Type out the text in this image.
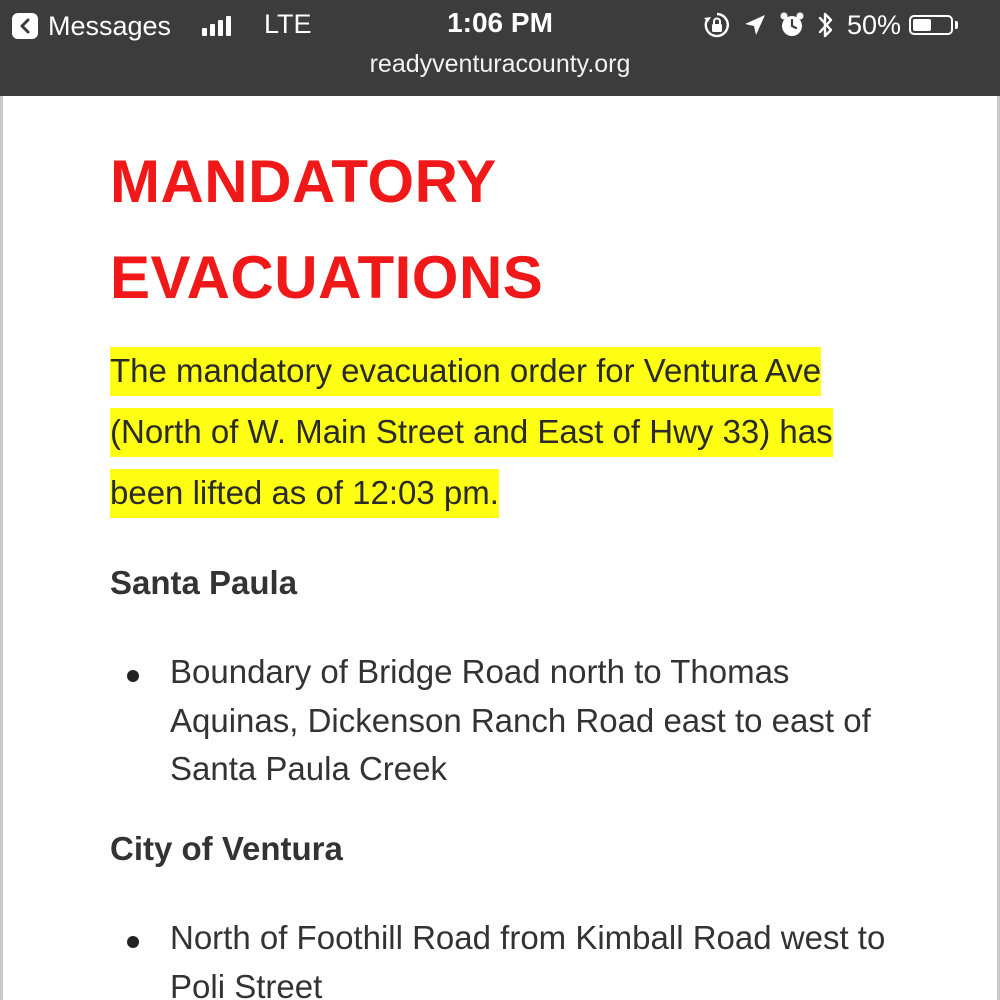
Messages	LTE	1:06 PM	50%
readyventuracounty.org
MANDATORY
EVACUATIONS

The mandatory evacuation order for Ventura Ave (North of W. Main Street and East of Hwy 33) has been lifted as of 12:03 pm.

Santa Paula

Boundary of Bridge Road north to Thomas Aquinas, Dickenson Ranch Road east to east of Santa Paula Creek

City of Ventura

North of Foothill Road from Kimball Road west to Poli Street
